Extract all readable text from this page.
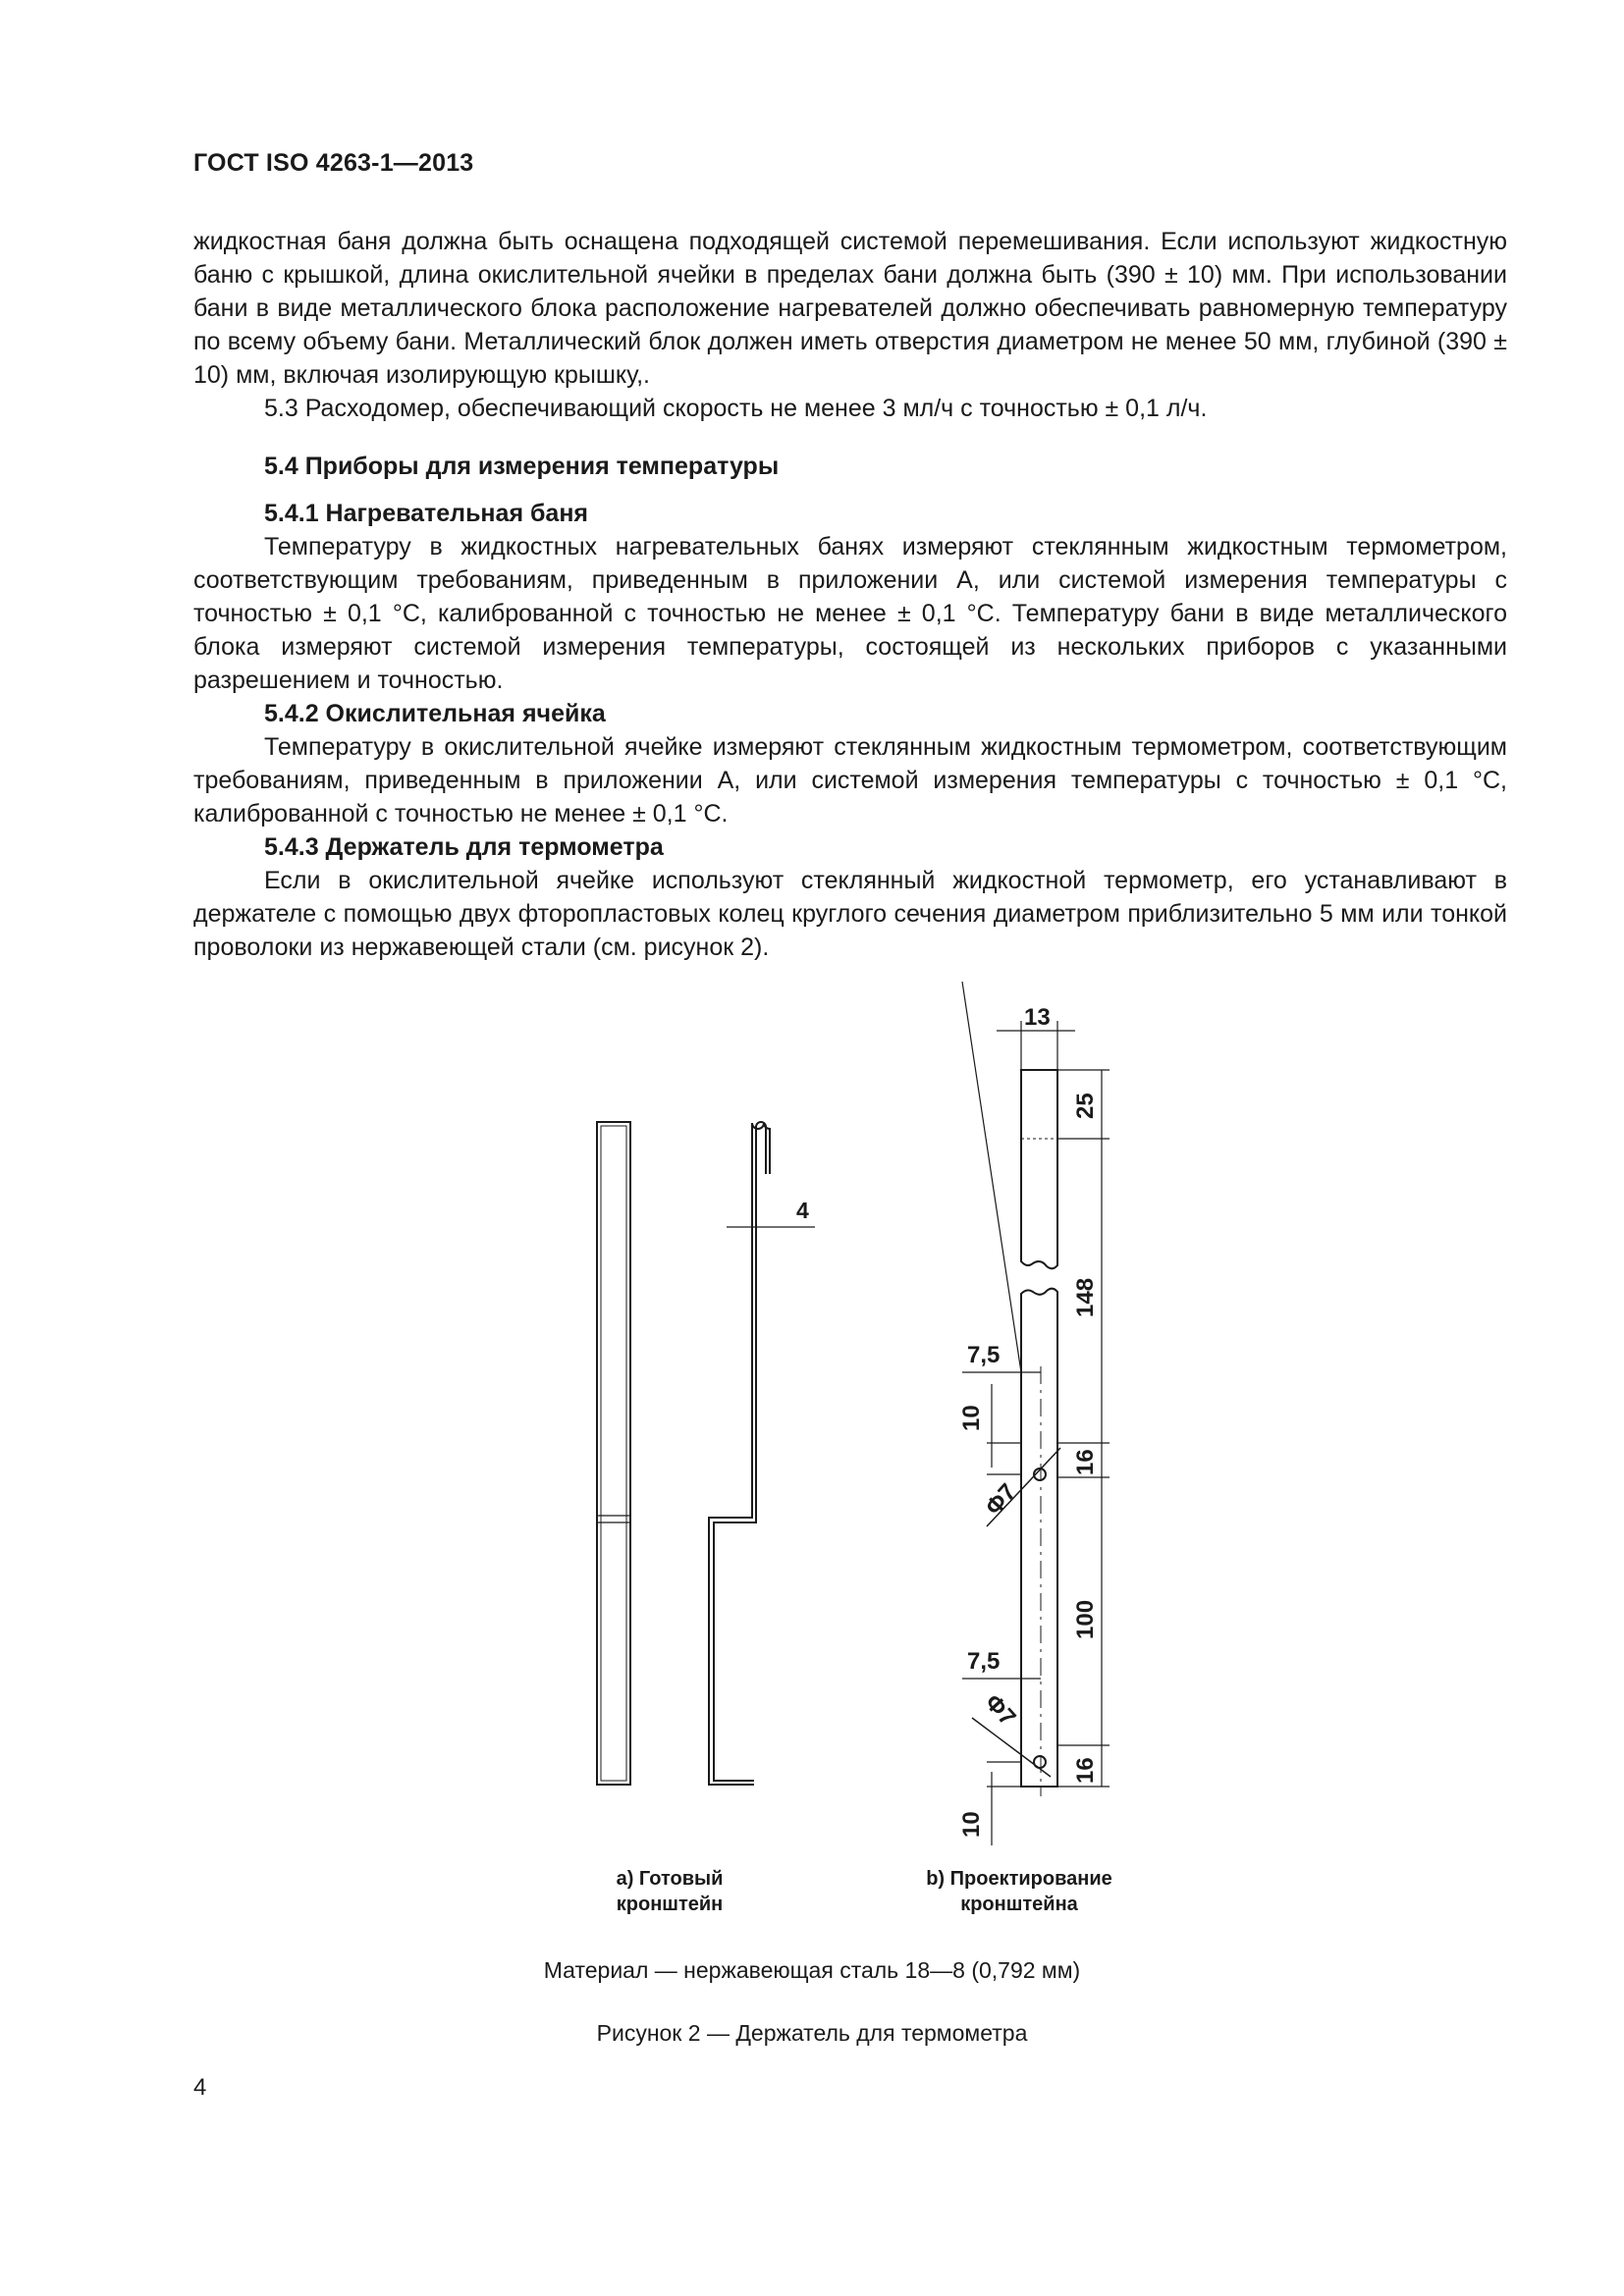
ГОСТ ISO 4263-1—2013

жидкостная баня должна быть оснащена подходящей системой перемешивания. Если используют жидкостную баню с крышкой, длина окислительной ячейки в пределах бани должна быть (390 ± 10) мм. При использовании бани в виде металлического блока расположение нагревателей должно обеспечивать равномерную температуру по всему объему бани. Металлический блок должен иметь отверстия диаметром не менее 50 мм, глубиной (390 ± 10) мм, включая изолирующую крышку,.

5.3 Расходомер, обеспечивающий скорость не менее 3 мл/ч с точностью ± 0,1 л/ч.

5.4 Приборы для измерения температуры
5.4.1 Нагревательная баня

Температуру в жидкостных нагревательных банях измеряют стеклянным жидкостным термометром, соответствующим требованиям, приведенным в приложении А, или системой измерения температуры с точностью ± 0,1 °С, калиброванной с точностью не менее ± 0,1 °С. Температуру бани в виде металлического блока измеряют системой измерения температуры, состоящей из нескольких приборов с указанными разрешением и точностью.

5.4.2 Окислительная ячейка

Температуру в окислительной ячейке измеряют стеклянным жидкостным термометром, соответствующим требованиям, приведенным в приложении А, или системой измерения температуры с точностью ± 0,1 °С, калиброванной с точностью не менее ± 0,1 °С.

5.4.3 Держатель для термометра

Если в окислительной ячейке используют стеклянный жидкостной термометр, его устанавливают в держателе с помощью двух фторопластовых колец круглого сечения диаметром приблизительно 5 мм или тонкой проволоки из нержавеющей стали (см. рисунок 2).

13
4
7,5
7,5
25
148
16
100
16
10
10
Φ7
Φ7
a) Готовый
кронштейн
b) Проектирование
кронштейна
Материал — нержавеющая сталь 18—8 (0,792 мм)
Рисунок 2 — Держатель для термометра
4
